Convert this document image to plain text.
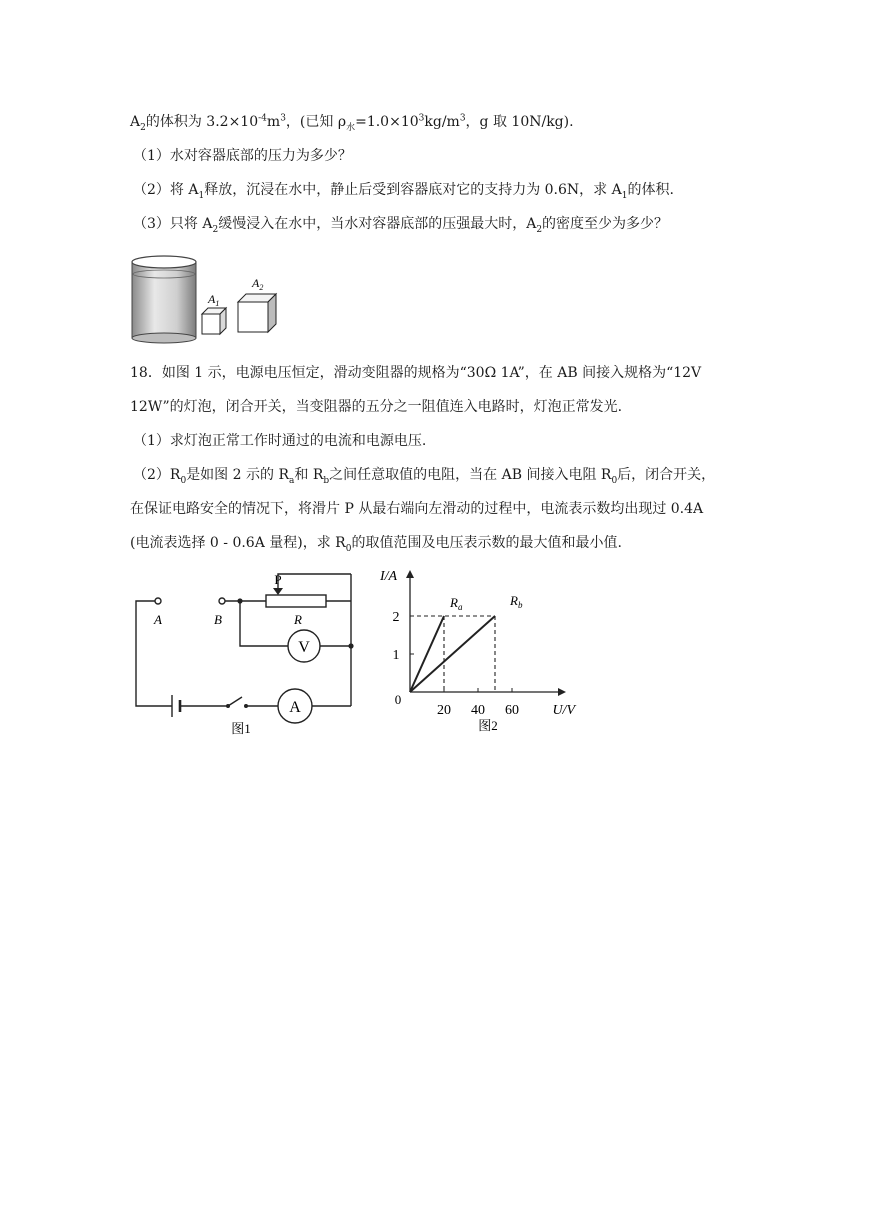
$A_2$的体积为 $3.2\times 10^{-4}m^3$，(已知 $\rho_水=1.0\times 10^3kg/m^3$，g 取 10N/kg).
（1）水对容器底部的压力为多少？
（2）将 $A_1$释放，沉浸在水中，静止后受到容器底对它的支持力为 0.6N，求 $A_1$的体积.
（3）只将 $A_2$缓慢浸入在水中，当水对容器底部的压强最大时，$A_2$的密度至少为多少？
$A_1$
$A_2$
18．如图 1 示，电源电压恒定，滑动变阻器的规格为“30Ω 1A”，在 AB 间接入规格为“12V
12W”的灯泡，闭合开关，当变阻器的五分之一阻值连入电路时，灯泡正常发光.
（1）求灯泡正常工作时通过的电流和电源电压.
$(2)R_0$是如图 2 示的 $R_a$和 $R_b$之间任意取值的电阻，当在 AB 间接入电阻 $R_0$后，闭合开关，
在保证电路安全的情况下，将滑片 P 从最右端向左滑动的过程中，电流表示数均出现过 0.4A
(电流表选择 0 - 0.6A 量程)，求 $R_0$的取值范围及电压表示数的最大值和最小值.
V
A
A	B
P
R
图1
20 40 60
1
2
I/A
U/V
0
图2
$R_a$	$R_b$
